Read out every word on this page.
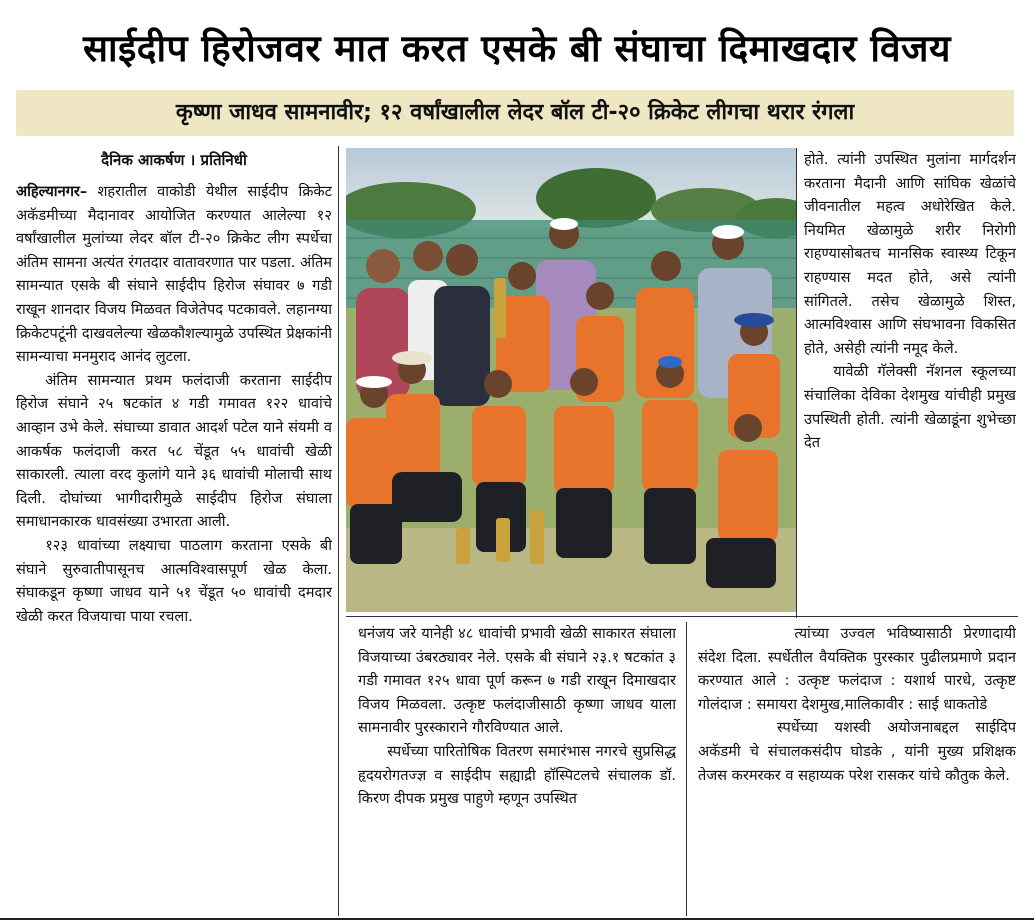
साईदीप हिरोजवर मात करत एसके बी संघाचा दिमाखदार विजय
कृष्णा जाधव सामनावीर; १२ वर्षांखालील लेदर बॉल टी-२० क्रिकेट लीगचा थरार रंगला
दैनिक आकर्षण । प्रतिनिधी

अहिल्यानगर– शहरातील वाकोडी येथील साईदीप क्रिकेट अकॅडमीच्या मैदानावर आयोजित करण्यात आलेल्या १२ वर्षांखालील मुलांच्या लेदर बॉल टी-२० क्रिकेट लीग स्पर्धेचा अंतिम सामना अत्यंत रंगतदार वातावरणात पार पडला. अंतिम सामन्यात एसके बी संघाने साईदीप हिरोज संघावर ७ गडी राखून शानदार विजय मिळवत विजेतेपद पटकावले. लहानग्या क्रिकेटपटूंनी दाखवलेल्या खेळकौशल्यामुळे उपस्थित प्रेक्षकांनी सामन्याचा मनमुराद आनंद लुटला.

अंतिम सामन्यात प्रथम फलंदाजी करताना साईदीप हिरोज संघाने २५ षटकांत ४ गडी गमावत १२२ धावांचे आव्हान उभे केले. संघाच्या डावात आदर्श पटेल याने संयमी व आकर्षक फलंदाजी करत ५८ चेंडूत ५५ धावांची खेळी साकारली. त्याला वरद कुलांगे याने ३६ धावांची मोलाची साथ दिली. दोघांच्या भागीदारीमुळे साईदीप हिरोज संघाला समाधानकारक धावसंख्या उभारता आली.

१२३ धावांच्या लक्ष्याचा पाठलाग करताना एसके बी संघाने सुरुवातीपासूनच आत्मविश्वासपूर्ण खेळ केला. संघाकडून कृष्णा जाधव याने ५१ चेंडूत ५० धावांची दमदार खेळी करत विजयाचा पाया रचला.

धनंजय जरे यानेही ४८ धावांची प्रभावी खेळी साकारत संघाला विजयाच्या उंबरठ्यावर नेले. एसके बी संघाने २३.१ षटकांत ३ गडी गमावत १२५ धावा पूर्ण करून ७ गडी राखून दिमाखदार विजय मिळवला. उत्कृष्ट फलंदाजीसाठी कृष्णा जाधव याला सामनावीर पुरस्काराने गौरविण्यात आले.

स्पर्धेच्या पारितोषिक वितरण समारंभास नगरचे सुप्रसिद्ध हृदयरोगतज्ज्ञ व साईदीप सह्याद्री हॉस्पिटलचे संचालक डॉ. किरण दीपक प्रमुख पाहुणे म्हणून उपस्थित

होते. त्यांनी उपस्थित मुलांना मार्गदर्शन करताना मैदानी आणि सांघिक खेळांचे जीवनातील महत्व अधोरेखित केले. नियमित खेळामुळे शरीर निरोगी राहण्यासोबतच मानसिक स्वास्थ्य टिकून राहण्यास मदत होते, असे त्यांनी सांगितले. तसेच खेळामुळे शिस्त, आत्मविश्वास आणि संघभावना विकसित होते, असेही त्यांनी नमूद केले.

यावेळी गॅलेक्सी नॅशनल स्कूलच्या संचालिका देविका देशमुख यांचीही प्रमुख उपस्थिती होती. त्यांनी खेळाडूंना शुभेच्छा देत

त्यांच्या उज्वल भविष्यासाठी प्रेरणादायी संदेश दिला. स्पर्धेतील वैयक्तिक पुरस्कार पुढीलप्रमाणे प्रदान करण्यात आले : उत्कृष्ट फलंदाज : यशार्थ पारधे, उत्कृष्ट गोलंदाज : समायरा देशमुख,मालिकावीर : साई धाकतोडे

स्पर्धेच्या यशस्वी अयोजनाबद्दल साईदिप अकॅडमी चे संचालकसंदीप घोडके , यांनी मुख्य प्रशिक्षक तेजस करमरकर व सहाय्यक परेश रासकर यांचे कौतुक केले.
